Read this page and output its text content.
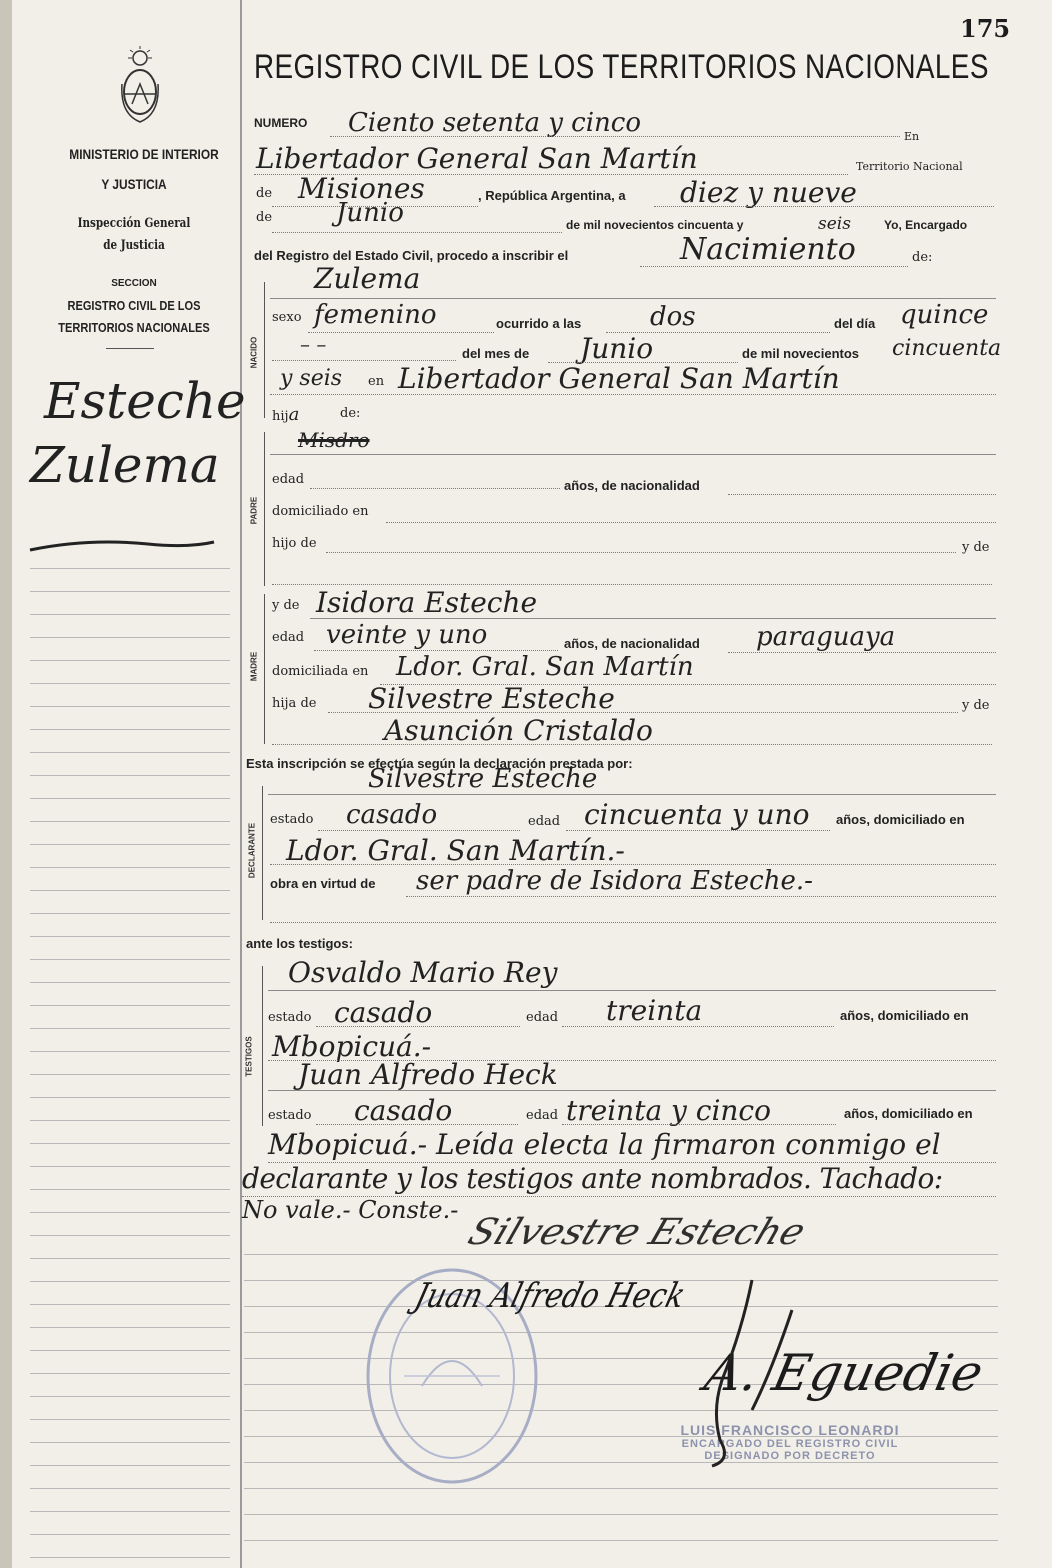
175
REGISTRO CIVIL DE LOS TERRITORIOS NACIONALES
MINISTERIO DE INTERIOR
Y JUSTICIA
Inspección General
de Justicia
SECCION
REGISTRO CIVIL DE LOS
TERRITORIOS NACIONALES
Esteche
Zulema
NUMERO Ciento setenta y cinco	En
Libertador General San Martín	Territorio Nacional
de Misiones	, República Argentina, a diez y nueve
de Junio	de mil novecientos cincuenta y	seis	Yo, Encargado
del Registro del Estado Civil, procedo a inscribir el	Nacimiento	de:
NACIDO
Zulema
sexo femenino	ocurrido a las	dos	del día quince
– –	del mes de Junio	de mil novecientos cincuenta
y seis en Libertador General San Martín
hija	de:
PADRE
Misdro
edad	años, de nacionalidad
domiciliado en
hijo de	y de
MADRE
y de Isidora Esteche
edad veinte y uno	años, de nacionalidad paraguaya
domiciliada en Ldor. Gral. San Martín
hija de Silvestre Esteche	y de
Asunción Cristaldo
Esta inscripción se efectúa según la declaración prestada por:
DECLARANTE
Silvestre Esteche
estado casado	edad cincuenta y uno años, domiciliado en
Ldor. Gral. San Martín.-
obra en virtud de ser padre de Isidora Esteche.-
ante los testigos:
TESTIGOS
Osvaldo Mario Rey
estado casado	edad treinta	años, domiciliado en
Mbopicuá.-
Juan Alfredo Heck
estado casado	edad treinta y cinco	años, domiciliado en
Mbopicuá.- Leída electa la firmaron conmigo el
declarante y los testigos ante nombrados. Tachado:
No vale.- Conste.-
LUIS FRANCISCO LEONARDI
ENCARGADO DEL REGISTRO CIVIL
DESIGNADO POR DECRETO
Silvestre Esteche
Juan Alfredo Heck
A. Eguedie
